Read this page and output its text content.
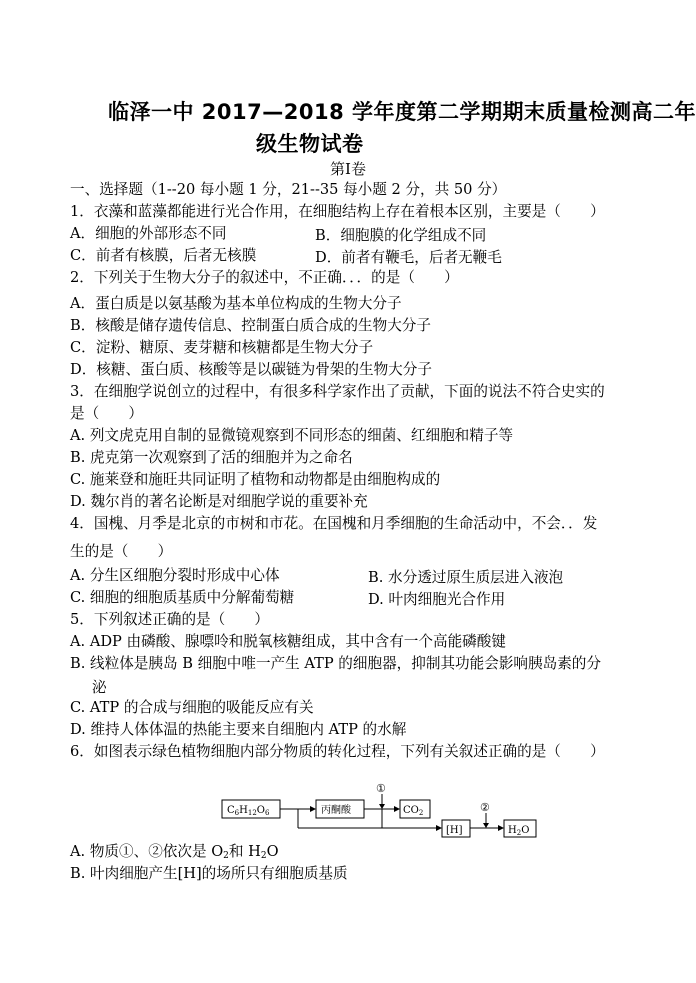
临泽一中 2017—2018 学年度第二学期期末质量检测高二年
级生物试卷
第Ⅰ卷
一、选择题（1--20 每小题 1 分，21--35 每小题 2 分，共 50 分）
1．衣藻和蓝藻都能进行光合作用，在细胞结构上存在着根本区别，主要是（　　）
A．细胞的外部形态不同	B．细胞膜的化学组成不同
C．前者有核膜，后者无核膜	D．前者有鞭毛，后者无鞭毛
2．下列关于生物大分子的叙述中，不正确．．．的是（　　）
A．蛋白质是以氨基酸为基本单位构成的生物大分子
B．核酸是储存遗传信息、控制蛋白质合成的生物大分子
C．淀粉、糖原、麦芽糖和核糖都是生物大分子
D．核糖、蛋白质、核酸等是以碳链为骨架的生物大分子
3．在细胞学说创立的过程中，有很多科学家作出了贡献，下面的说法不符合史实的
是（　　）
A. 列文虎克用自制的显微镜观察到不同形态的细菌、红细胞和精子等
B. 虎克第一次观察到了活的细胞并为之命名
C. 施莱登和施旺共同证明了植物和动物都是由细胞构成的
D. 魏尔肖的著名论断是对细胞学说的重要补充
4．国槐、月季是北京的市树和市花。在国槐和月季细胞的生命活动中，不会．．发
生的是（　　）
A. 分生区细胞分裂时形成中心体	B. 水分透过原生质层进入液泡
C. 细胞的细胞质基质中分解葡萄糖	D. 叶肉细胞光合作用
5．下列叙述正确的是（　　）
A. ADP 由磷酸、腺嘌呤和脱氧核糖组成，其中含有一个高能磷酸键
B. 线粒体是胰岛 B 细胞中唯一产生 ATP 的细胞器，抑制其功能会影响胰岛素的分
泌
C. ATP 的合成与细胞的吸能反应有关
D. 维持人体体温的热能主要来自细胞内 ATP 的水解
6．如图表示绿色植物细胞内部分物质的转化过程，下列有关叙述正确的是（　　）
$C_6H_{12}O_6$	丙酮酸
①
$CO_2$
[H]
②
$H_2O$
A. 物质①、②依次是 $O_2$和 $H_2O$
B. 叶肉细胞产生[H]的场所只有细胞质基质
